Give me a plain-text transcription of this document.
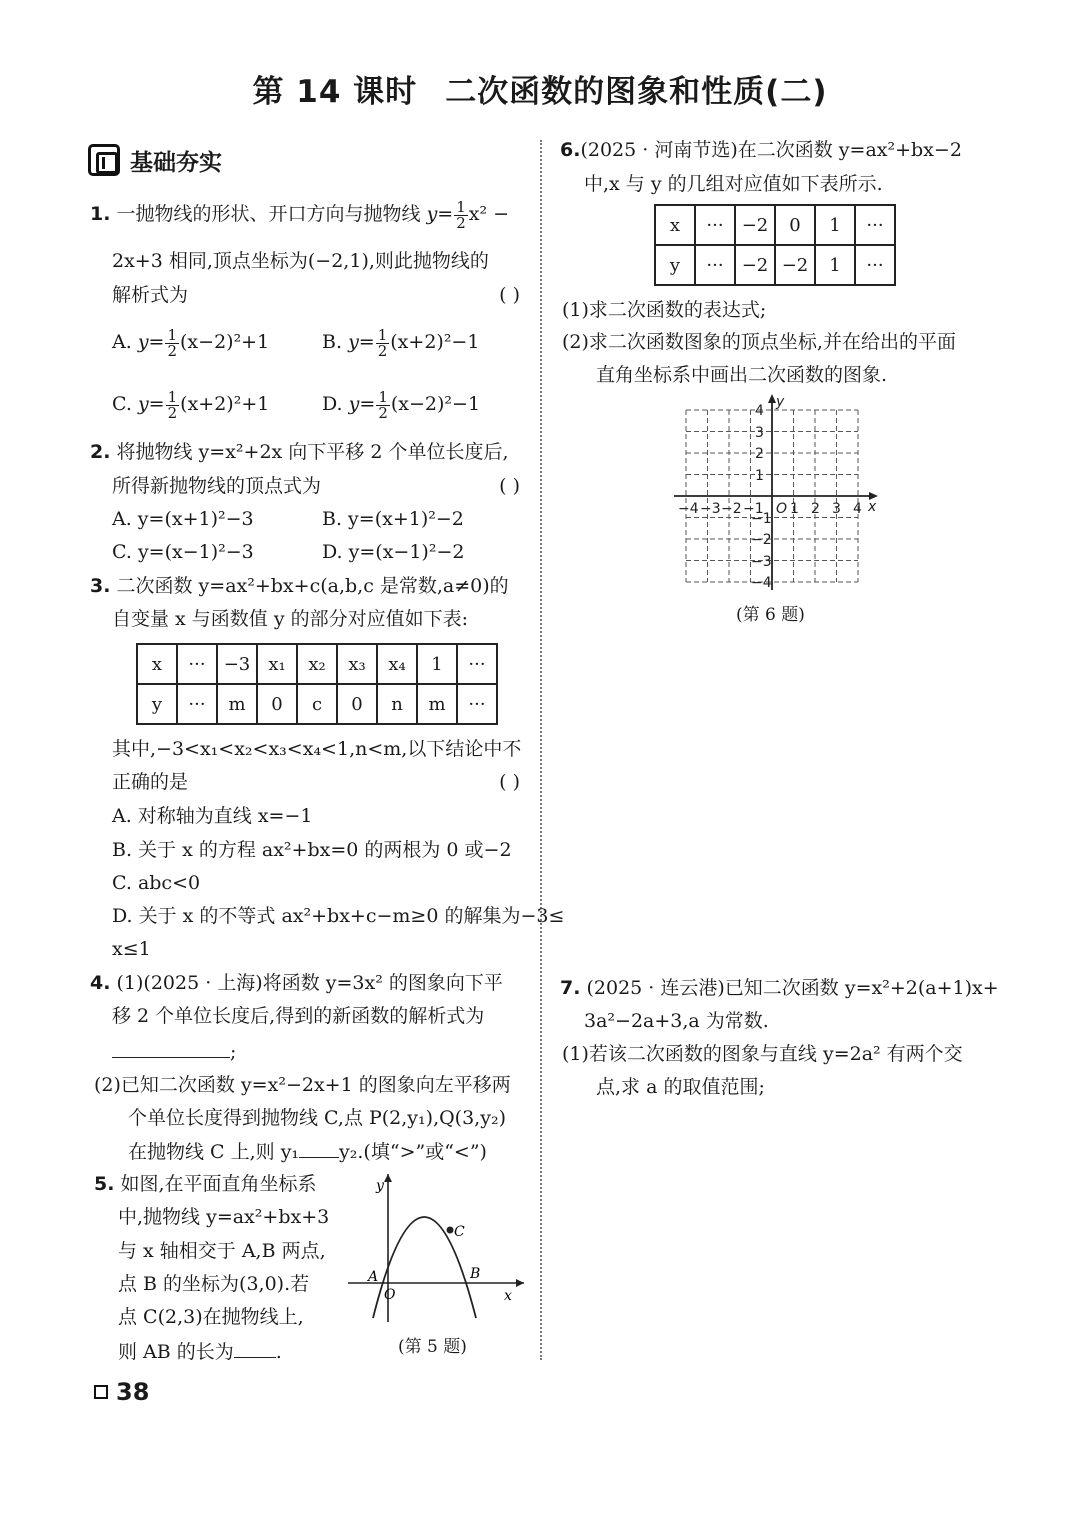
第 14 课时 二次函数的图象和性质(二)
基础夯实
1. 一抛物线的形状、开口方向与抛物线 $y= \frac{1}{2} x^2$ −
2x+3 相同,顶点坐标为(−2,1),则此抛物线的
解析式为	( )
A. $y= \frac{1}{2} (x-2)^2+1$	B. $y= \frac{1}{2} (x+2)^2-1$
C. $y= \frac{1}{2} (x+2)^2+1$	D. $y= \frac{1}{2} (x-2)^2-1$
2. 将抛物线 y=x²+2x 向下平移 2 个单位长度后,
所得新抛物线的顶点式为	( )
A. y=(x+1)²−3	B. y=(x+1)²−2
C. y=(x−1)²−3	D. y=(x−1)²−2
3. 二次函数 y=ax²+bx+c(a,b,c 是常数,a≠0)的
自变量 x 与函数值 y 的部分对应值如下表:
x	···	−3	x₁	x₂	x₃	x₄	1	···
y	···	m	0	c	0	n	m	···
其中,−3<x₁<x₂<x₃<x₄<1,n<m,以下结论中不
正确的是	( )
A. 对称轴为直线 x=−1
B. 关于 x 的方程 ax²+bx=0 的两根为 0 或−2
C. abc<0
D. 关于 x 的不等式 ax²+bx+c−m≥0 的解集为−3≤
x≤1
4. (1)(2025 · 上海)将函数 y=3x² 的图象向下平
移 2 个单位长度后,得到的新函数的解析式为
;
(2)已知二次函数 y=x²−2x+1 的图象向左平移两
个单位长度得到抛物线 C,点 P(2,y₁),Q(3,y₂)
在抛物线 C 上,则 y₁ y₂.(填“>”或“<”)
5. 如图,在平面直角坐标系
中,抛物线 y=ax²+bx+3
与 x 轴相交于 A,B 两点,
点 B 的坐标为(3,0).若
点 C(2,3)在抛物线上,
则 AB 的长为 .
y
x
O
A	B
C
(第 5 题)
6.(2025 · 河南节选)在二次函数 y=ax²+bx−2
中,x 与 y 的几组对应值如下表所示.
x	···	−2	0	1	···
y	···	−2	−2	1	···
(1)求二次函数的表达式;
(2)求二次函数图象的顶点坐标,并在给出的平面
直角坐标系中画出二次函数的图象.
−4 −3 −2 −1 O 1 2 3 4
4
3
2
1
−1
−2
−3
−4
y
x
(第 6 题)
7. (2025 · 连云港)已知二次函数 y=x²+2(a+1)x+
3a²−2a+3,a 为常数.
(1)若该二次函数的图象与直线 y=2a² 有两个交
点,求 a 的取值范围;
38
